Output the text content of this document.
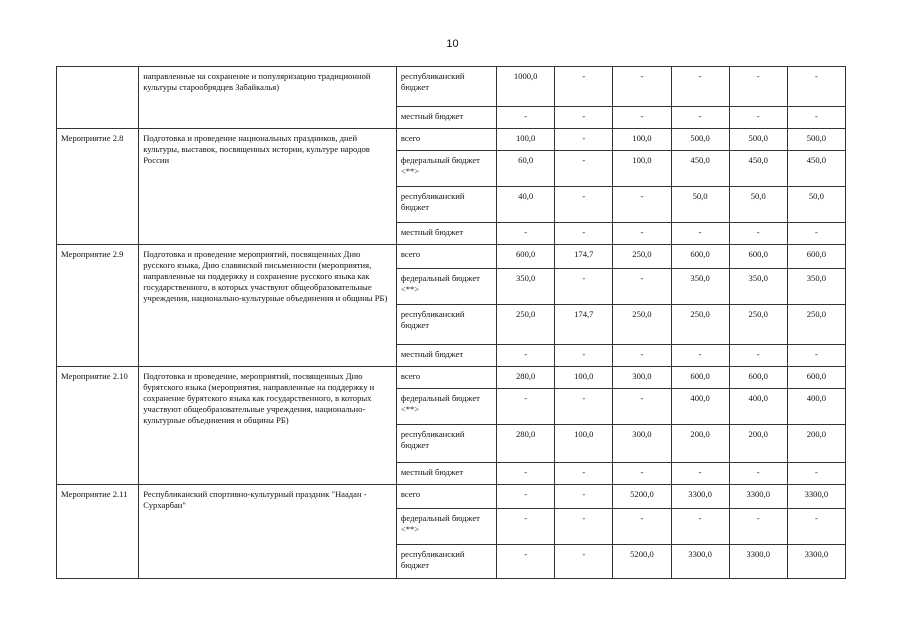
10
	направленные на сохранение и популяризацию традиционной культуры старообрядцев Забайкалья)	республиканский бюджет	1000,0	-	-	-	-	-
		местный бюджет	-	-	-	-	-	-
Мероприятие 2.8	Подготовка и проведение национальных праздников, дней культуры, выставок, посвященных истории, культуре народов России	всего	100,0	-	100,0	500,0	500,0	500,0
		федеральный бюджет <**>	60,0	-	100,0	450,0	450,0	450,0
		республиканский бюджет	40,0	-	-	50,0	50,0	50,0
		местный бюджет	-	-	-	-	-	-
Мероприятие 2.9	Подготовка и проведение мероприятий, посвященных Дню русского языка, Дню славянской письменности (мероприятия, направленные на поддержку и сохранение русского языка как государственного, в которых участвуют общеобразовательные учреждения, национально-культурные объединения и общины РБ)	всего	600,0	174,7	250,0	600,0	600,0	600,0
		федеральный бюджет <**>	350,0	-	-	350,0	350,0	350,0
		республиканский бюджет	250,0	174,7	250,0	250,0	250,0	250,0
		местный бюджет	-	-	-	-	-	-
Мероприятие 2.10	Подготовка и проведение, мероприятий, посвященных Дню бурятского языка (мероприятия, направленные на поддержку и сохранение бурятского языка как государственного, в которых участвуют общеобразовательные учреждения, национально-культурные объединения и общины РБ)	всего	280,0	100,0	300,0	600,0	600,0	600,0
		федеральный бюджет <**>	-	-	-	400,0	400,0	400,0
		республиканский бюджет	280,0	100,0	300,0	200,0	200,0	200,0
		местный бюджет	-	-	-	-	-	-
Мероприятие 2.11	Республиканский спортивно-культурный праздник "Наадан - Сурхарбан"	всего	-	-	5200,0	3300,0	3300,0	3300,0
		федеральный бюджет <**>	-	-	-	-	-	-
		республиканский бюджет	-	-	5200,0	3300,0	3300,0	3300,0
